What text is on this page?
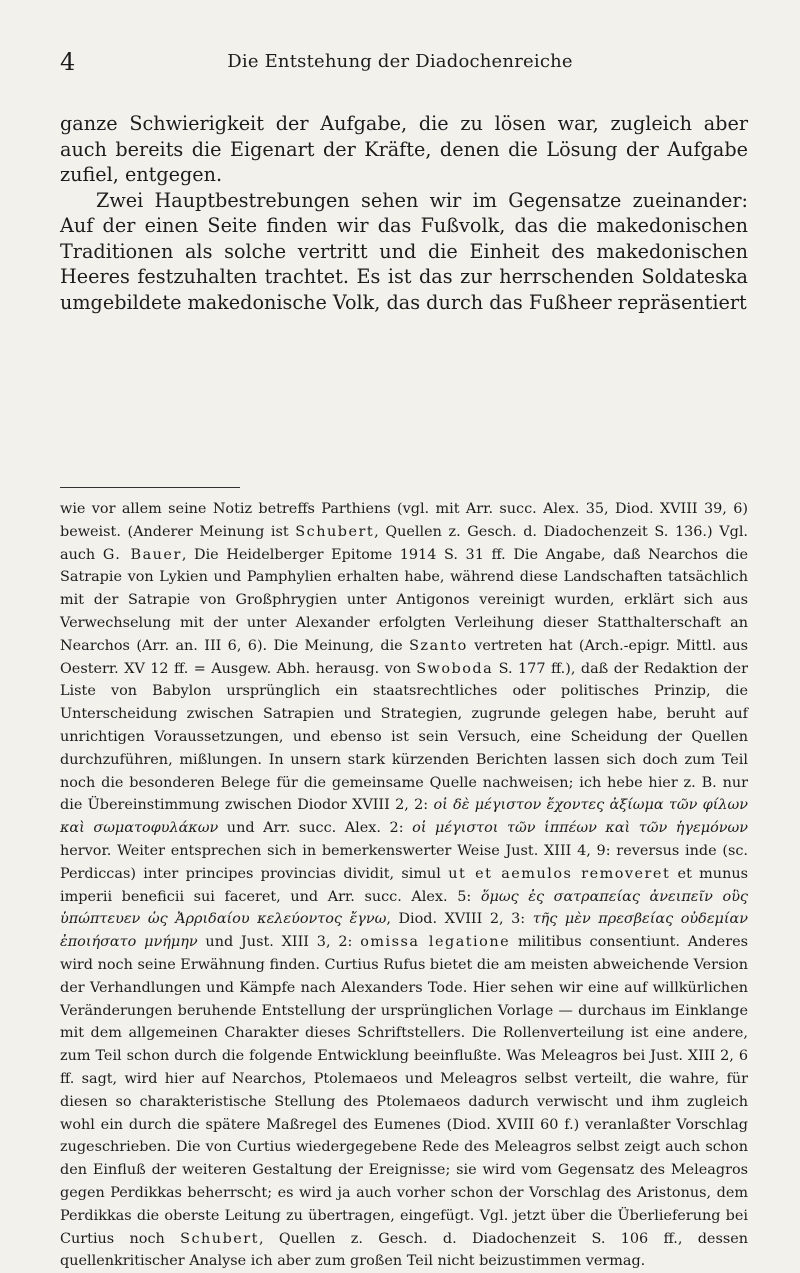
4	Die Entstehung der Diadochenreiche

ganze Schwierigkeit der Aufgabe, die zu lösen war, zugleich aber auch bereits die Eigenart der Kräfte, denen die Lösung der Aufgabe zufiel, entgegen.

Zwei Hauptbestrebungen sehen wir im Gegensatze zueinander: Auf der einen Seite finden wir das Fußvolk, das die makedonischen Traditionen als solche vertritt und die Einheit des makedonischen Heeres festzuhalten trachtet. Es ist das zur herrschenden Soldateska umgebildete makedonische Volk, das durch das Fußheer repräsentiert

wie vor allem seine Notiz betreffs Parthiens (vgl. mit Arr. succ. Alex. 35, Diod. XVIII 39, 6) beweist. (Anderer Meinung ist Schubert, Quellen z. Gesch. d. Diadochenzeit S. 136.) Vgl. auch G. Bauer, Die Heidelberger Epitome 1914 S. 31 ff. Die Angabe, daß Nearchos die Satrapie von Lykien und Pamphylien erhalten habe, während diese Landschaften tatsächlich mit der Satrapie von Großphrygien unter Antigonos vereinigt wurden, erklärt sich aus Verwechselung mit der unter Alexander erfolgten Verleihung dieser Statthalterschaft an Nearchos (Arr. an. III 6, 6). Die Meinung, die Szanto vertreten hat (Arch.-epigr. Mittl. aus Oesterr. XV 12 ff. = Ausgew. Abh. herausg. von Swoboda S. 177 ff.), daß der Redaktion der Liste von Babylon ursprünglich ein staatsrechtliches oder politisches Prinzip, die Unterscheidung zwischen Satrapien und Strategien, zugrunde gelegen habe, beruht auf unrichtigen Voraussetzungen, und ebenso ist sein Versuch, eine Scheidung der Quellen durchzuführen, mißlungen. In unsern stark kürzenden Berichten lassen sich doch zum Teil noch die besonderen Belege für die gemeinsame Quelle nachweisen; ich hebe hier z. B. nur die Übereinstimmung zwischen Diodor XVIII 2, 2: οἱ δὲ μέγιστον ἔχοντες ἀξίωμα τῶν φίλων καὶ σωματοφυλάκων und Arr. succ. Alex. 2: οἱ μέγιστοι τῶν ἱππέων καὶ τῶν ἡγεμόνων hervor. Weiter entsprechen sich in bemerkenswerter Weise Just. XIII 4, 9: reversus inde (sc. Perdiccas) inter principes provincias dividit, simul ut et aemulos removeret et munus imperii beneficii sui faceret, und Arr. succ. Alex. 5: ὅμως ἐς σατραπείας ἀνειπεῖν οὓς ὑπώπτευεν ὡς Ἀρριδαίου κελεύοντος ἔγνω, Diod. XVIII 2, 3: τῆς μὲν πρεσβείας οὐδεμίαν ἐποιήσατο μνήμην und Just. XIII 3, 2: omissa legatione militibus consentiunt. Anderes wird noch seine Erwähnung finden. Curtius Rufus bietet die am meisten abweichende Version der Verhandlungen und Kämpfe nach Alexanders Tode. Hier sehen wir eine auf willkürlichen Veränderungen beruhende Entstellung der ursprünglichen Vorlage — durchaus im Einklange mit dem allgemeinen Charakter dieses Schriftstellers. Die Rollenverteilung ist eine andere, zum Teil schon durch die folgende Entwicklung beeinflußte. Was Meleagros bei Just. XIII 2, 6 ff. sagt, wird hier auf Nearchos, Ptolemaeos und Meleagros selbst verteilt, die wahre, für diesen so charakteristische Stellung des Ptolemaeos dadurch verwischt und ihm zugleich wohl ein durch die spätere Maßregel des Eumenes (Diod. XVIII 60 f.) veranlaßter Vorschlag zugeschrieben. Die von Curtius wiedergegebene Rede des Meleagros selbst zeigt auch schon den Einfluß der weiteren Gestaltung der Ereignisse; sie wird vom Gegensatz des Meleagros gegen Perdikkas beherrscht; es wird ja auch vorher schon der Vorschlag des Aristonus, dem Perdikkas die oberste Leitung zu übertragen, eingefügt. Vgl. jetzt über die Überlieferung bei Curtius noch Schubert, Quellen z. Gesch. d. Diadochenzeit S. 106 ff., dessen quellenkritischer Analyse ich aber zum großen Teil nicht beizustimmen vermag.
